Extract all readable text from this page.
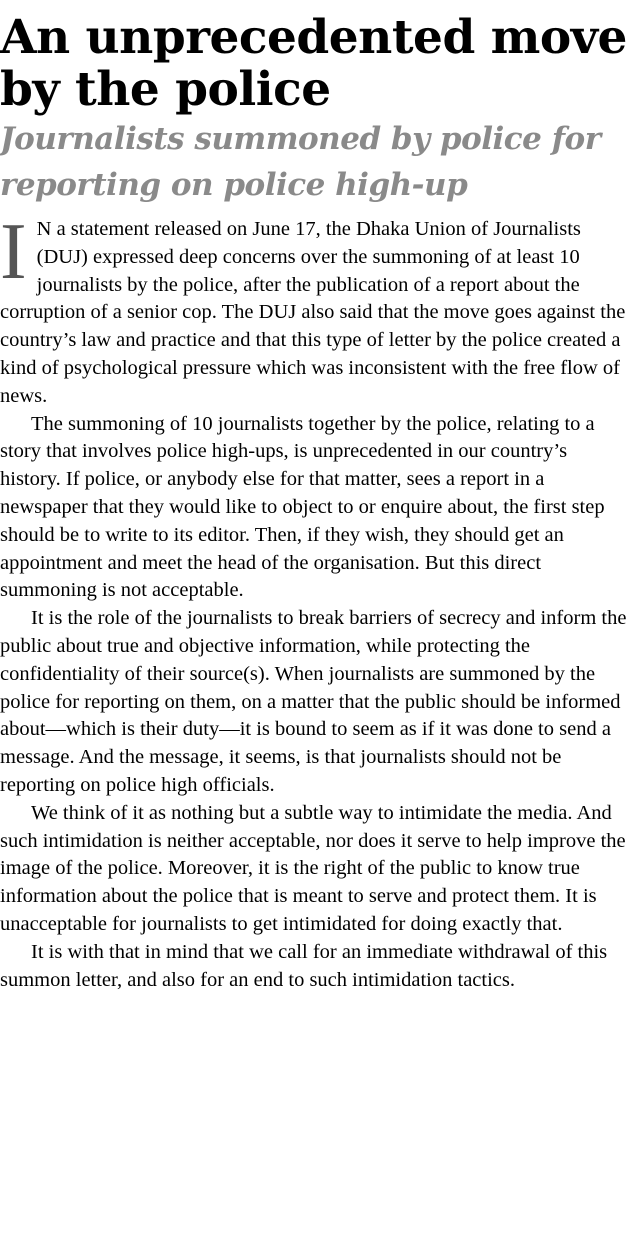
An unprecedented move by the police
Journalists summoned by police for reporting on police high-up

I N a statement released on June 17, the Dhaka Union of Journalists (DUJ) expressed deep concerns over the summoning of at least 10 journalists by the police, after the publication of a report about the corruption of a senior cop. The DUJ also said that the move goes against the country’s law and practice and that this type of letter by the police created a kind of psychological pressure which was inconsistent with the free flow of news.

The summoning of 10 journalists together by the police, relating to a story that involves police high-ups, is unprecedented in our country’s history. If police, or anybody else for that matter, sees a report in a newspaper that they would like to object to or enquire about, the first step should be to write to its editor. Then, if they wish, they should get an appointment and meet the head of the organisation. But this direct summoning is not acceptable.

It is the role of the journalists to break barriers of secrecy and inform the public about true and objective information, while protecting the confidentiality of their source(s). When journalists are summoned by the police for reporting on them, on a matter that the public should be informed about—which is their duty—it is bound to seem as if it was done to send a message. And the message, it seems, is that journalists should not be reporting on police high officials.

We think of it as nothing but a subtle way to intimidate the media. And such intimidation is neither acceptable, nor does it serve to help improve the image of the police. Moreover, it is the right of the public to know true information about the police that is meant to serve and protect them. It is unacceptable for journalists to get intimidated for doing exactly that.

It is with that in mind that we call for an immediate withdrawal of this summon letter, and also for an end to such intimidation tactics.
